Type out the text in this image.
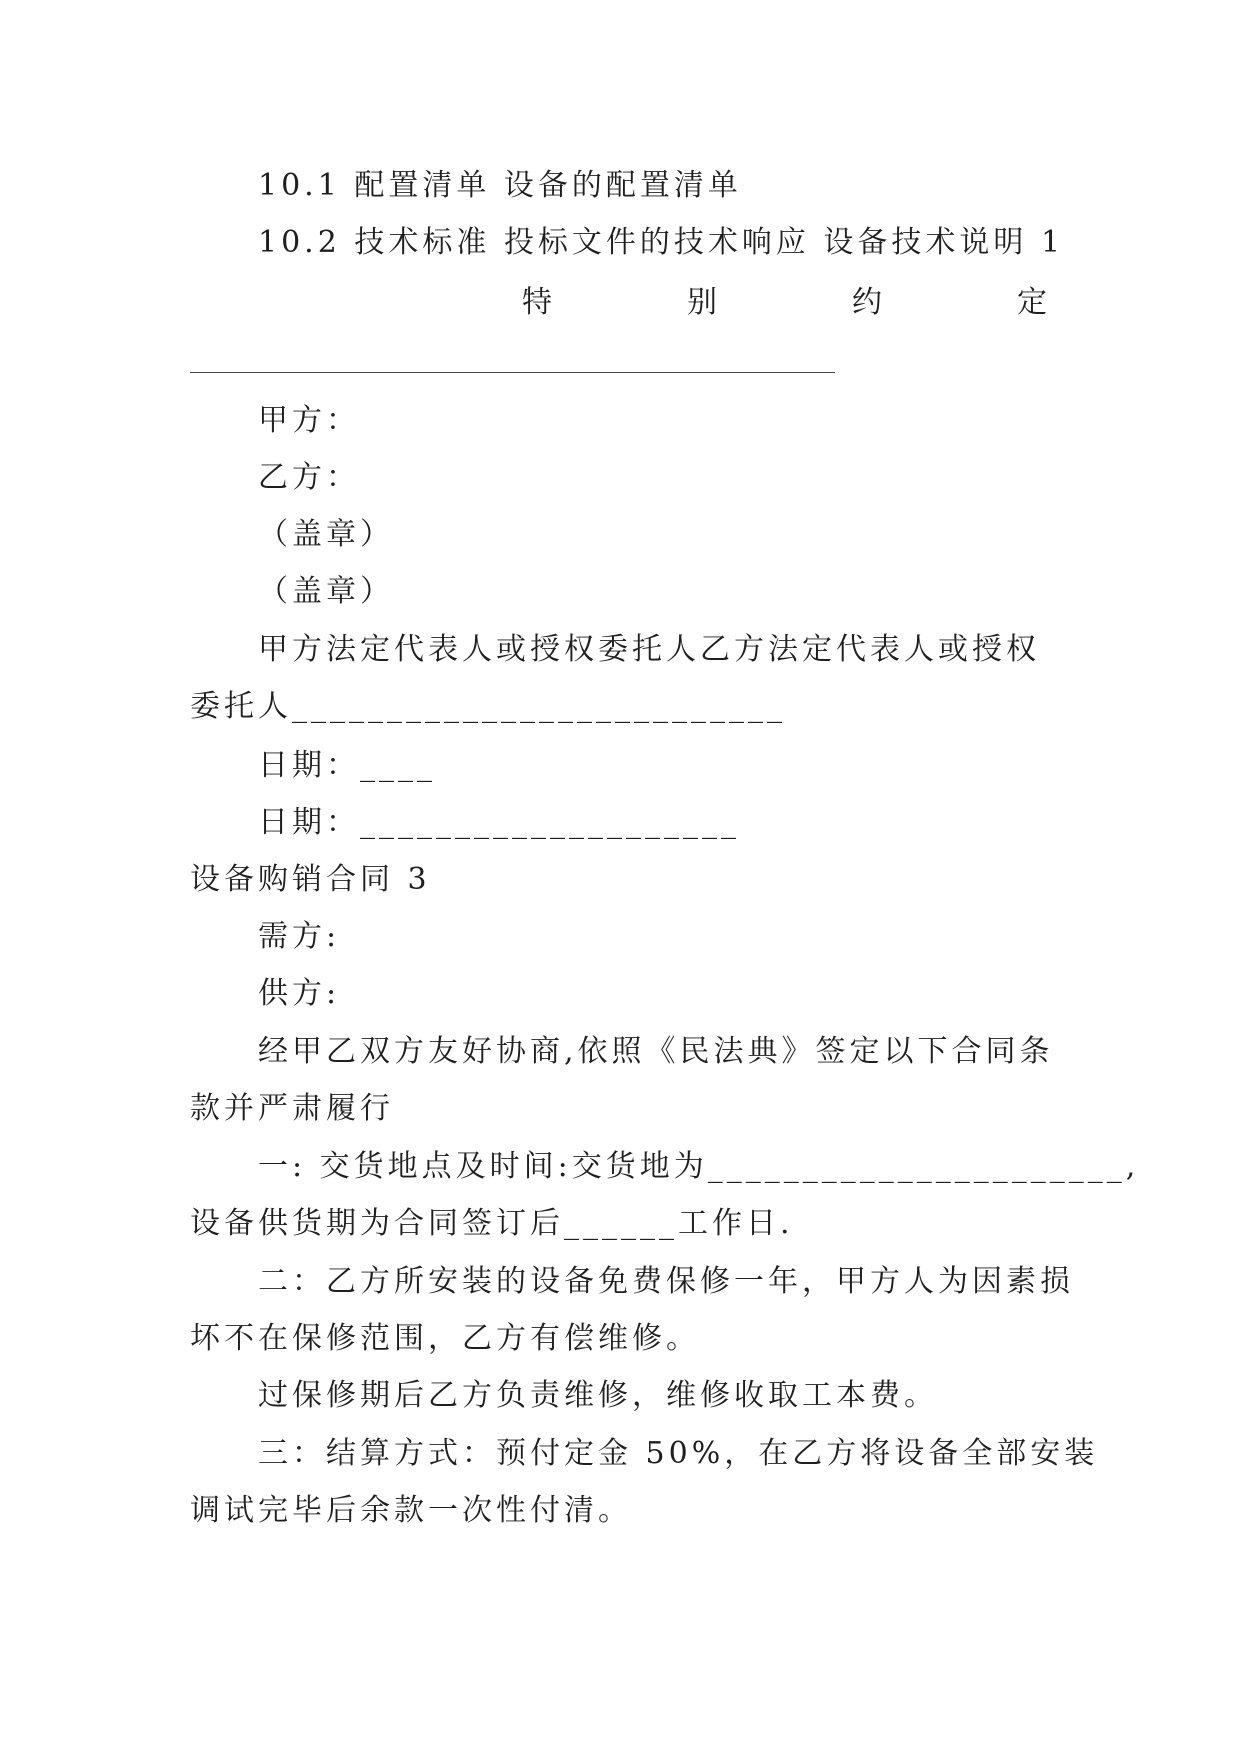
10.1 配置清单 设备的配置清单
10.2 技术标准 投标文件的技术响应 设备技术说明 1
特	别	约	定
甲方：
乙方：
（盖章）
（盖章）
甲方法定代表人或授权委托人乙方法定代表人或授权
委托人__________________________
日期：____
日期：____________________
设备购销合同 3
需方:
供方:
经甲乙双方友好协商,依照《民法典》签定以下合同条
款并严肃履行
一: 交货地点及时间:交货地为______________________,
设备供货期为合同签订后______工作日.
二：乙方所安装的设备免费保修一年，甲方人为因素损
坏不在保修范围，乙方有偿维修。
过保修期后乙方负责维修，维修收取工本费。
三：结算方式：预付定金 50%，在乙方将设备全部安装
调试完毕后余款一次性付清。
